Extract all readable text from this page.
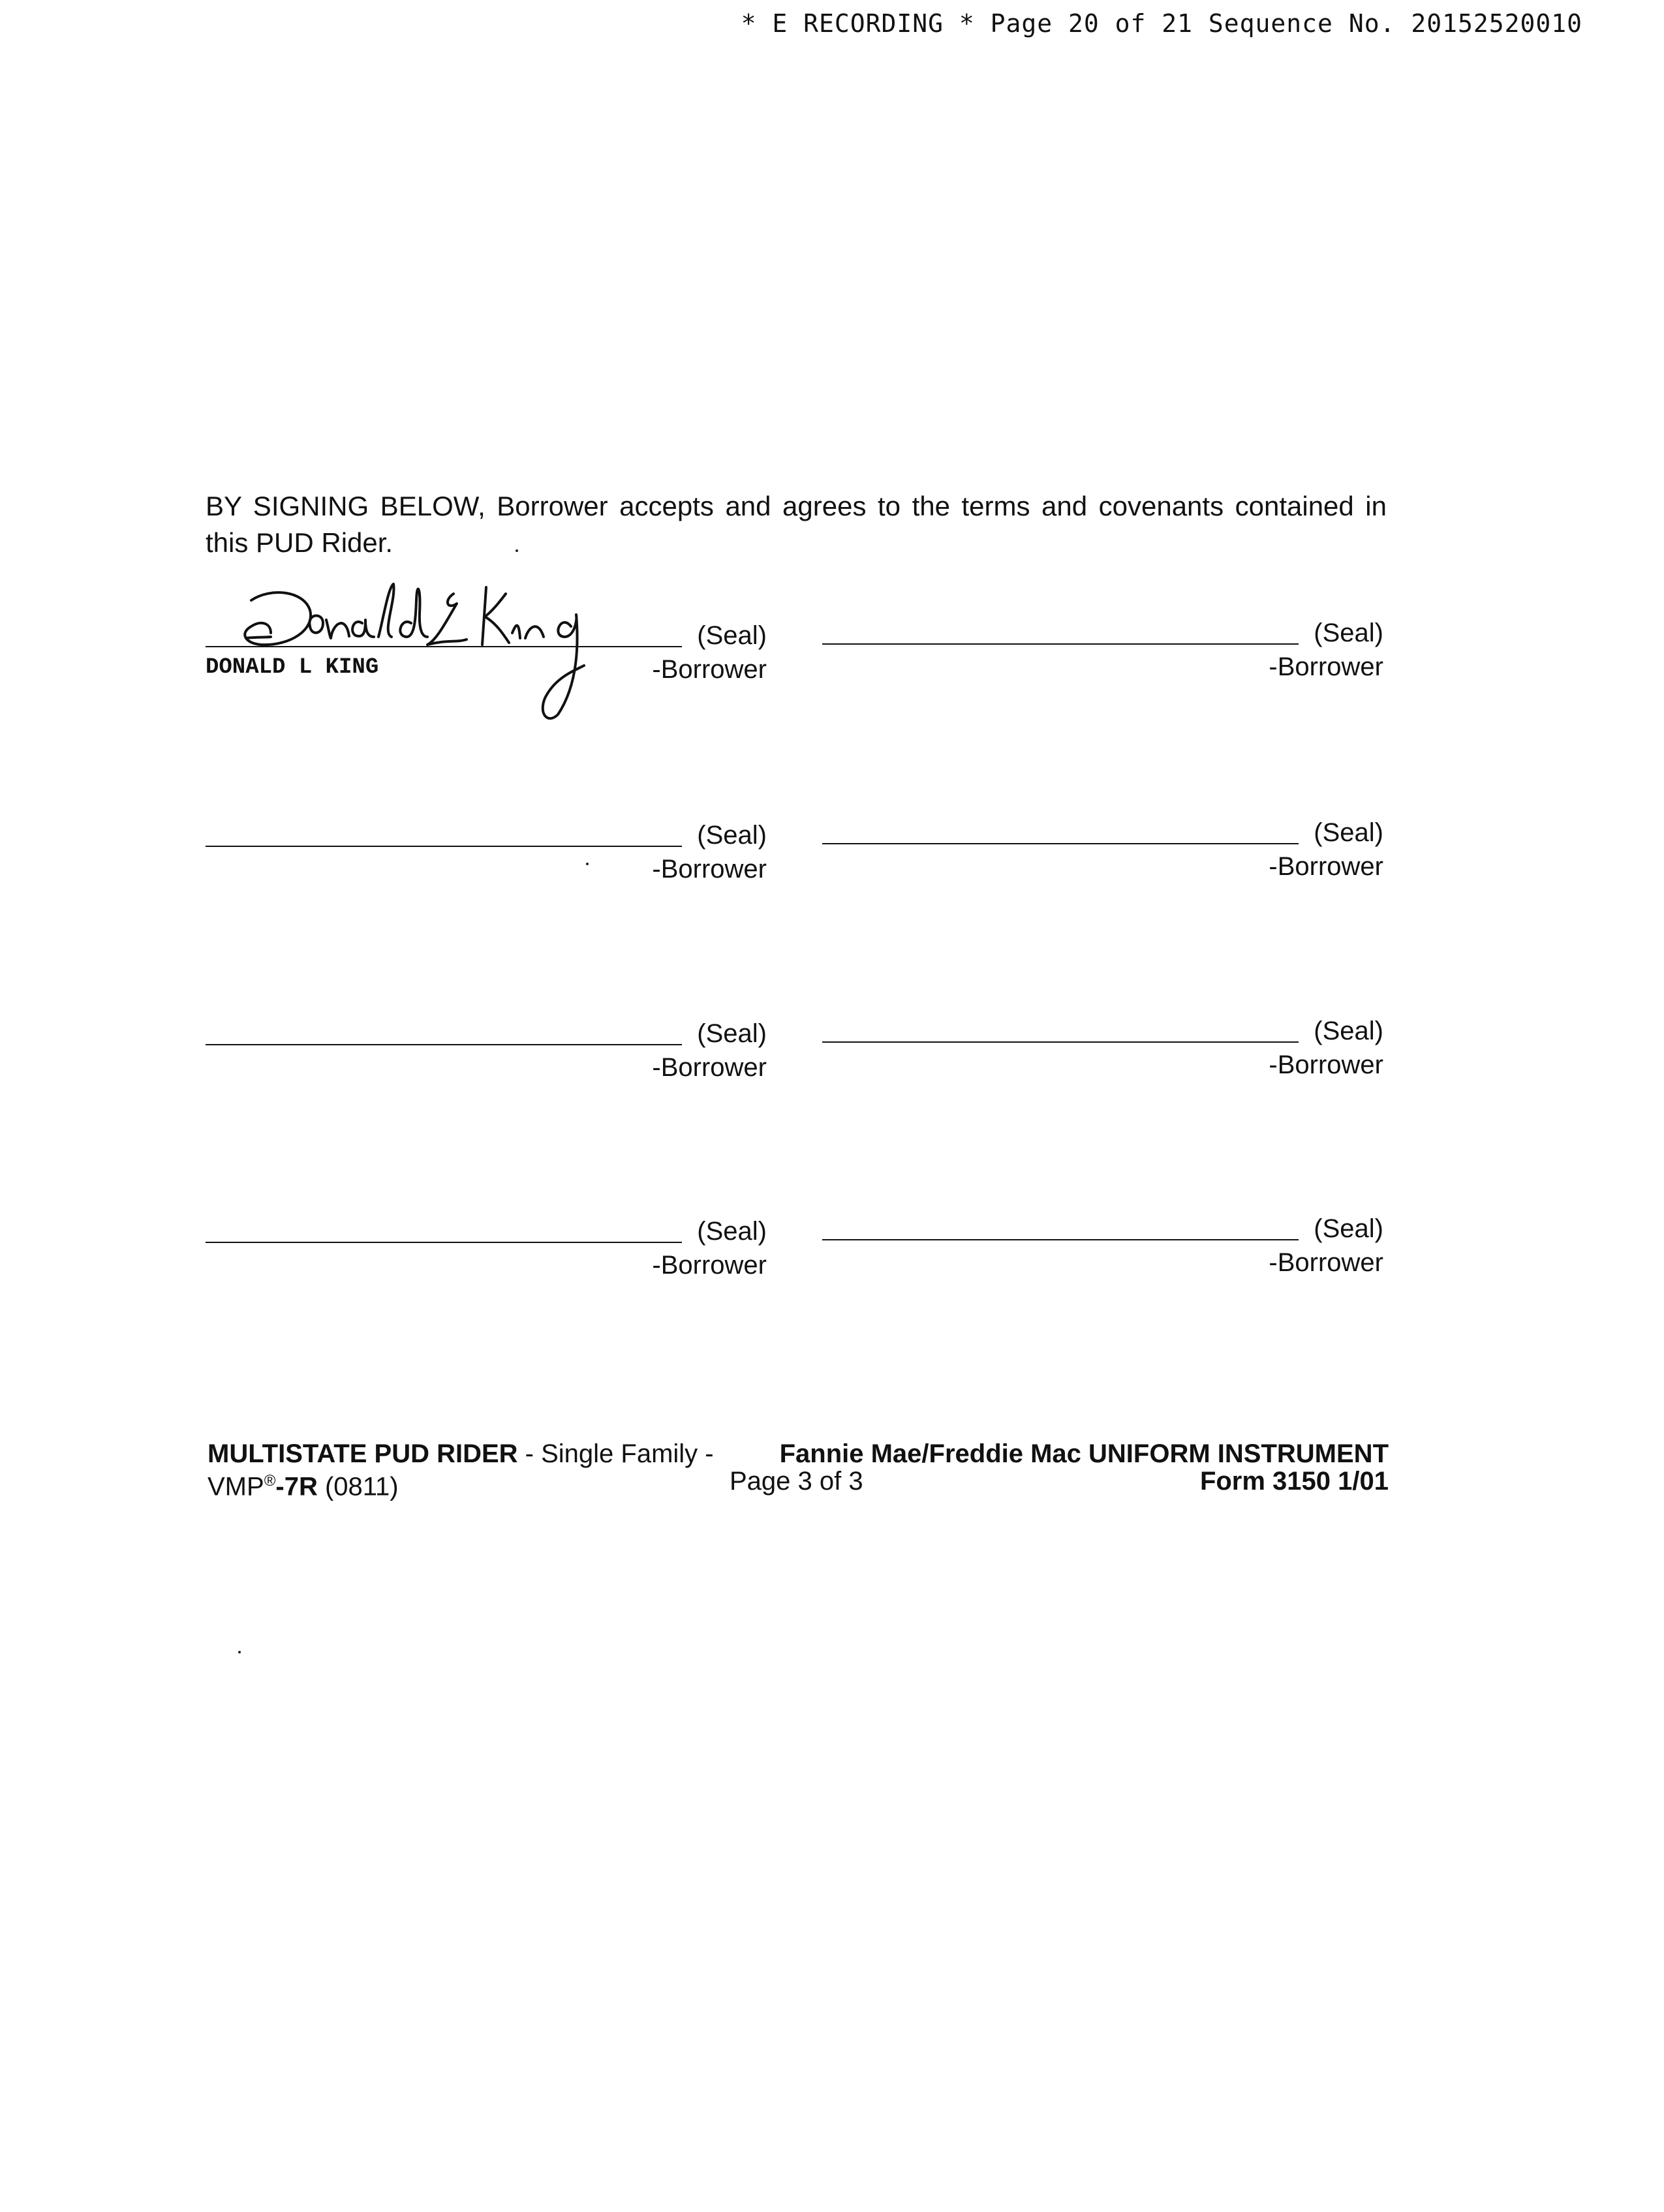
* E RECORDING * Page 20 of 21 Sequence No. 20152520010
BY SIGNING BELOW, Borrower accepts and agrees to the terms and covenants contained in this PUD Rider.
(Seal)
DONALD L KING	-Borrower
(Seal)
-Borrower
(Seal)
-Borrower
(Seal)
-Borrower
(Seal)
-Borrower
(Seal)
-Borrower
(Seal)
-Borrower
(Seal)
-Borrower
MULTISTATE PUD RIDER - Single Family - Fannie Mae/Freddie Mac UNIFORM INSTRUMENT
VMP®-7R (0811)	Page 3 of 3	Form 3150 1/01
